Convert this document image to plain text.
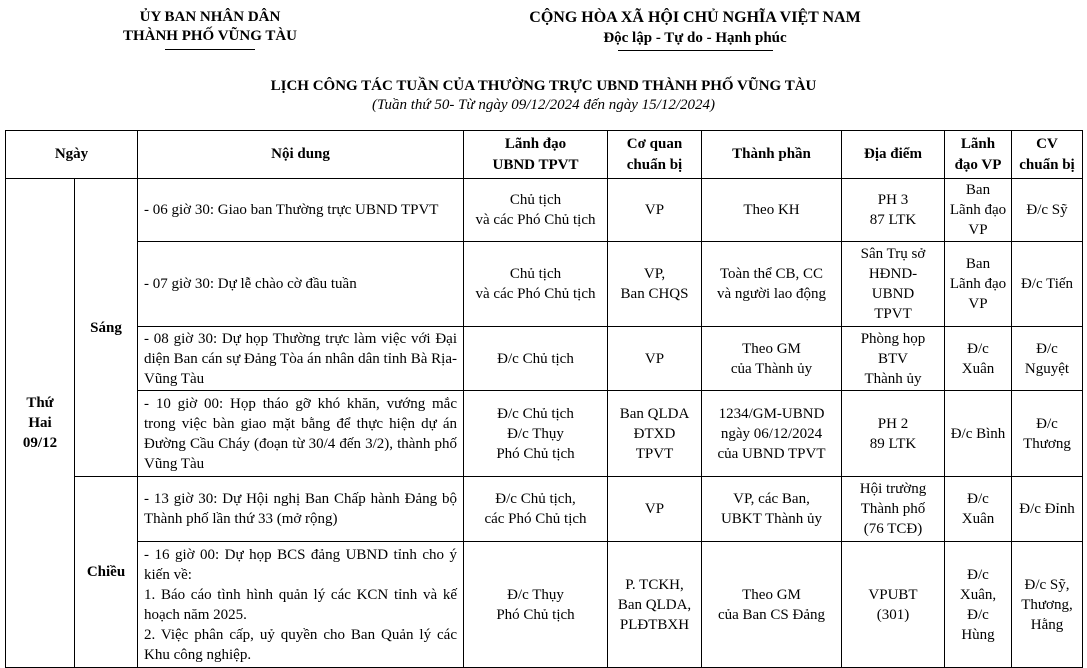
ỦY BAN NHÂN DÂN
THÀNH PHỐ VŨNG TÀU
CỘNG HÒA XÃ HỘI CHỦ NGHĨA VIỆT NAM
Độc lập - Tự do - Hạnh phúc
LỊCH CÔNG TÁC TUẦN CỦA THƯỜNG TRỰC UBND THÀNH PHỐ VŨNG TÀU
(Tuần thứ 50- Từ ngày 09/12/2024 đến ngày 15/12/2024)
Ngày		Nội dung	Lãnh đạo
UBND TPVT	Cơ quan
chuẩn bị	Thành phần	Địa điểm	Lãnh
đạo VP	CV
chuẩn bị

Thứ
Hai
09/12	Sáng	- 06 giờ 30: Giao ban Thường trực UBND TPVT	Chủ tịch
và các Phó Chủ tịch	VP	Theo KH	PH 3
87 LTK	Ban
Lãnh đạo
VP	Đ/c Sỹ

		- 07 giờ 30: Dự lễ chào cờ đầu tuần	Chủ tịch
và các Phó Chủ tịch	VP,
Ban CHQS	Toàn thể CB, CC
và người lao động	Sân Trụ sở
HĐND-
UBND
TPVT	Ban
Lãnh đạo
VP	Đ/c Tiến

		- 08 giờ 30: Dự họp Thường trực làm việc với Đại diện Ban cán sự Đảng Tòa án nhân dân tỉnh Bà Rịa-Vũng Tàu	Đ/c Chủ tịch	VP	Theo GM
của Thành ủy	Phòng họp
BTV
Thành ủy	Đ/c
Xuân	Đ/c
Nguyệt

		- 10 giờ 00: Họp tháo gỡ khó khăn, vướng mắc trong việc bàn giao mặt bằng để thực hiện dự án Đường Cầu Cháy (đoạn từ 30/4 đến 3/2), thành phố Vũng Tàu	Đ/c Chủ tịch
Đ/c Thụy
Phó Chủ tịch	Ban QLDA
ĐTXD
TPVT	1234/GM-UBND
ngày 06/12/2024
của UBND TPVT	PH 2
89 LTK	Đ/c Bình	Đ/c
Thương

	Chiều	- 13 giờ 30: Dự Hội nghị Ban Chấp hành Đảng bộ Thành phố lần thứ 33 (mở rộng)	Đ/c Chủ tịch,
các Phó Chủ tịch	VP	VP, các Ban,
UBKT Thành ủy	Hội trường
Thành phố
(76 TCĐ)	Đ/c
Xuân	Đ/c Đỉnh

		- 16 giờ 00: Dự họp BCS đảng UBND tỉnh cho ý kiến về:
1. Báo cáo tình hình quản lý các KCN tỉnh và kế hoạch năm 2025.
2. Việc phân cấp, uỷ quyền cho Ban Quản lý các Khu công nghiệp.	Đ/c Thụy
Phó Chủ tịch	P. TCKH,
Ban QLDA,
PLĐTBXH	Theo GM
của Ban CS Đảng	VPUBT
(301)	Đ/c
Xuân,
Đ/c
Hùng	Đ/c Sỹ,
Thương,
Hằng
